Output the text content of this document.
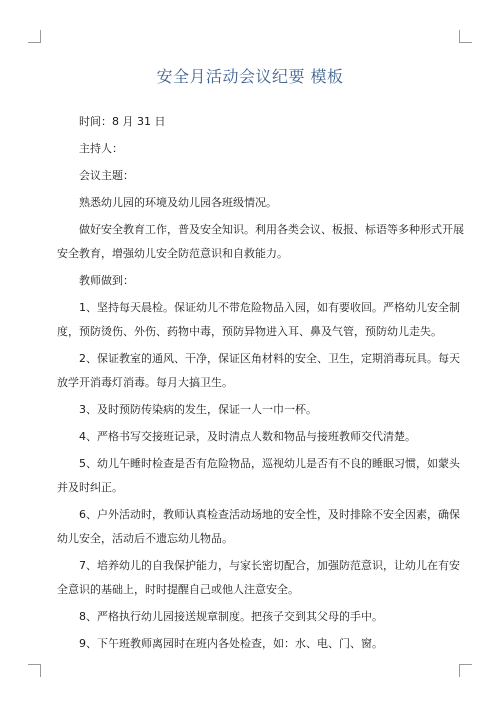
安全月活动会议纪要 模板

时间：8 月 31 日

主持人：

会议主题：

熟悉幼儿园的环境及幼儿园各班级情况。

做好安全教育工作，普及安全知识。利用各类会议、板报、标语等多种形式开展
安全教育，增强幼儿安全防范意识和自救能力。

教师做到：

1、坚持每天晨检。保证幼儿不带危险物品入园，如有要收回。严格幼儿安全制
度，预防烫伤、外伤、药物中毒，预防异物进入耳、鼻及气管，预防幼儿走失。

2、保证教室的通风、干净，保证区角材料的安全、卫生，定期消毒玩具。每天
放学开消毒灯消毒。每月大搞卫生。

3、及时预防传染病的发生，保证一人一巾一杯。

4、严格书写交接班记录，及时清点人数和物品与接班教师交代清楚。

5、幼儿午睡时检查是否有危险物品，巡视幼儿是否有不良的睡眠习惯，如蒙头
并及时纠正。

6、户外活动时，教师认真检查活动场地的安全性，及时排除不安全因素，确保
幼儿安全，活动后不遗忘幼儿物品。

7、培养幼儿的自我保护能力，与家长密切配合，加强防范意识，让幼儿在有安
全意识的基础上，时时提醒自己或他人注意安全。

8、严格执行幼儿园接送规章制度。把孩子交到其父母的手中。

9、下午班教师离园时在班内各处检查，如：水、电、门、窗。
